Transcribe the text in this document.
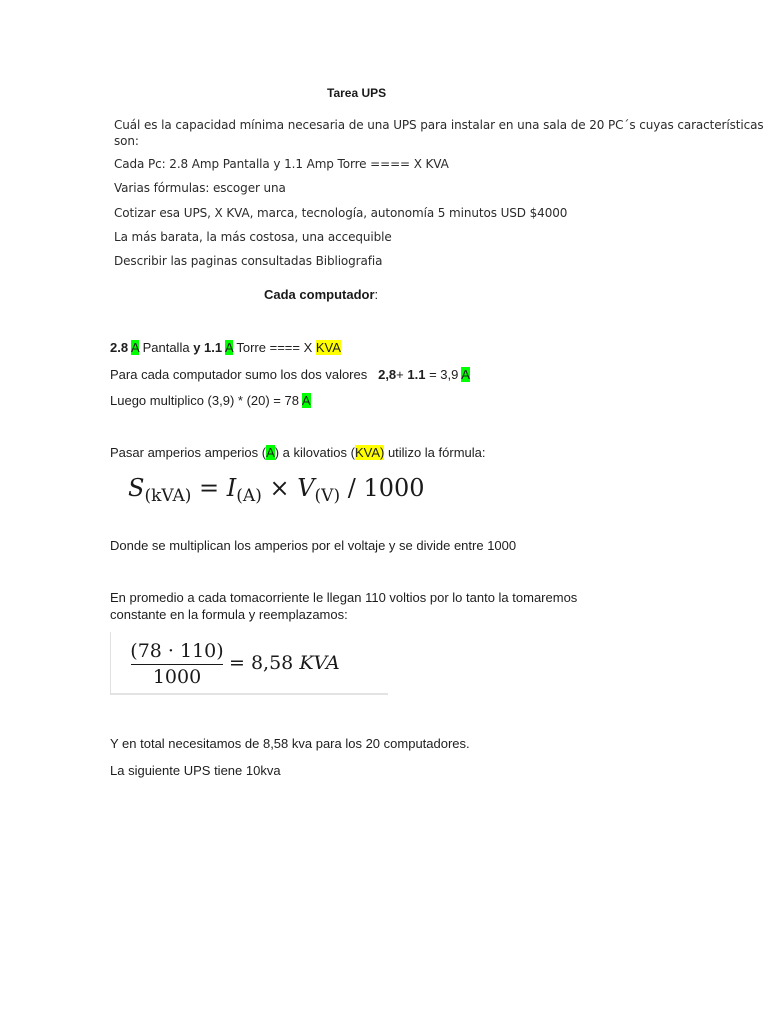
Tarea UPS
Cuál es la capacidad mínima necesaria de una UPS para instalar en una sala de 20 PC´s cuyas características
son:
Cada Pc: 2.8 Amp Pantalla y 1.1 Amp Torre ==== X KVA
Varias fórmulas: escoger una
Cotizar esa UPS, X KVA, marca, tecnología, autonomía 5 minutos USD $4000
La más barata, la más costosa, una accequible
Describir las paginas consultadas Bibliografia
Cada computador:
2.8 A Pantalla y 1.1 A Torre ==== X KVA
Para cada computador sumo los dos valores 2,8+ 1.1 = 3,9 A
Luego multiplico (3,9) * (20) = 78 A
Pasar amperios amperios (A) a kilovatios (KVA) utilizo la fórmula:
$S_{(kVA)} = I_{(A)} \times V_{(V)} / 1000$
Donde se multiplican los amperios por el voltaje y se divide entre 1000
En promedio a cada tomacorriente le llegan 110 voltios por lo tanto la tomaremos
constante en la formula y reemplazamos:
(78 · 110)
1000
= 8,58 KVA
Y en total necesitamos de 8,58 kva para los 20 computadores.
La siguiente UPS tiene 10kva
